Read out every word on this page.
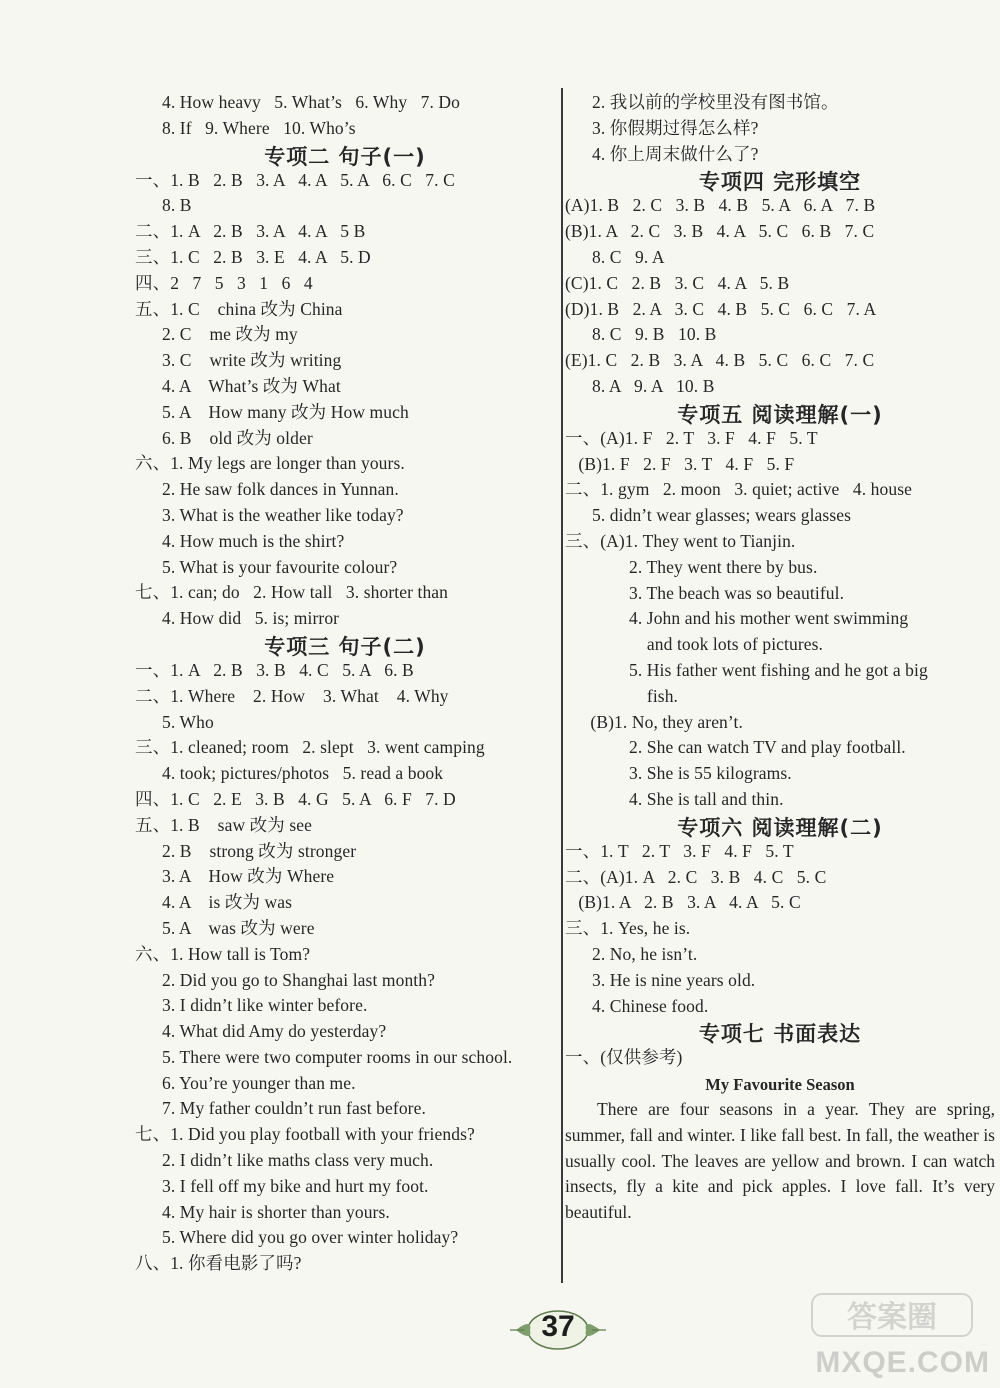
4. How heavy   5. What’s   6. Why   7. Do
8. If   9. Where   10. Who’s
专项二 句子(一)
一、1. B   2. B   3. A   4. A   5. A   6. C   7. C
8. B
二、1. A   2. B   3. A   4. A   5 B
三、1. C   2. B   3. E   4. A   5. D
四、2   7   5   3   1   6   4
五、1. C    china 改为 China
2. C    me 改为 my
3. C    write 改为 writing
4. A    What’s 改为 What
5. A    How many 改为 How much
6. B    old 改为 older
六、1. My legs are longer than yours.
2. He saw folk dances in Yunnan.
3. What is the weather like today?
4. How much is the shirt?
5. What is your favourite colour?
七、1. can; do   2. How tall   3. shorter than
4. How did   5. is; mirror
专项三 句子(二)
一、1. A   2. B   3. B   4. C   5. A   6. B
二、1. Where    2. How    3. What    4. Why
5. Who
三、1. cleaned; room   2. slept   3. went camping
4. took; pictures/photos   5. read a book
四、1. C   2. E   3. B   4. G   5. A   6. F   7. D
五、1. B    saw 改为 see
2. B    strong 改为 stronger
3. A    How 改为 Where
4. A    is 改为 was
5. A    was 改为 were
六、1. How tall is Tom?
2. Did you go to Shanghai last month?
3. I didn’t like winter before.
4. What did Amy do yesterday?
5. There were two computer rooms in our school.
6. You’re younger than me.
7. My father couldn’t run fast before.
七、1. Did you play football with your friends?
2. I didn’t like maths class very much.
3. I fell off my bike and hurt my foot.
4. My hair is shorter than yours.
5. Where did you go over winter holiday?
八、1. 你看电影了吗?
2. 我以前的学校里没有图书馆。
3. 你假期过得怎么样?
4. 你上周末做什么了?
专项四 完形填空
(A)1. B   2. C   3. B   4. B   5. A   6. A   7. B
(B)1. A   2. C   3. B   4. A   5. C   6. B   7. C
8. C   9. A
(C)1. C   2. B   3. C   4. A   5. B
(D)1. B   2. A   3. C   4. B   5. C   6. C   7. A
8. C   9. B   10. B
(E)1. C   2. B   3. A   4. B   5. C   6. C   7. C
8. A   9. A   10. B
专项五 阅读理解(一)
一、(A)1. F   2. T   3. F   4. F   5. T
(B)1. F   2. F   3. T   4. F   5. F
二、1. gym   2. moon   3. quiet; active   4. house
5. didn’t wear glasses; wears glasses
三、(A)1. They went to Tianjin.
2. They went there by bus.
3. The beach was so beautiful.
4. John and his mother went swimming
and took lots of pictures.
5. His father went fishing and he got a big
fish.
(B)1. No, they aren’t.
2. She can watch TV and play football.
3. She is 55 kilograms.
4. She is tall and thin.
专项六 阅读理解(二)
一、1. T   2. T   3. F   4. F   5. T
二、(A)1. A   2. C   3. B   4. C   5. C
(B)1. A   2. B   3. A   4. A   5. C
三、1. Yes, he is.
2. No, he isn’t.
3. He is nine years old.
4. Chinese food.
专项七 书面表达
一、(仅供参考)
My Favourite Season

There are four seasons in a year. They are spring, summer, fall and winter. I like fall best. In fall, the weather is usually cool. The leaves are yellow and brown. I can watch insects, fly a kite and pick apples. I love fall. It’s very beautiful.

37	答案圈
MXQE.COM
